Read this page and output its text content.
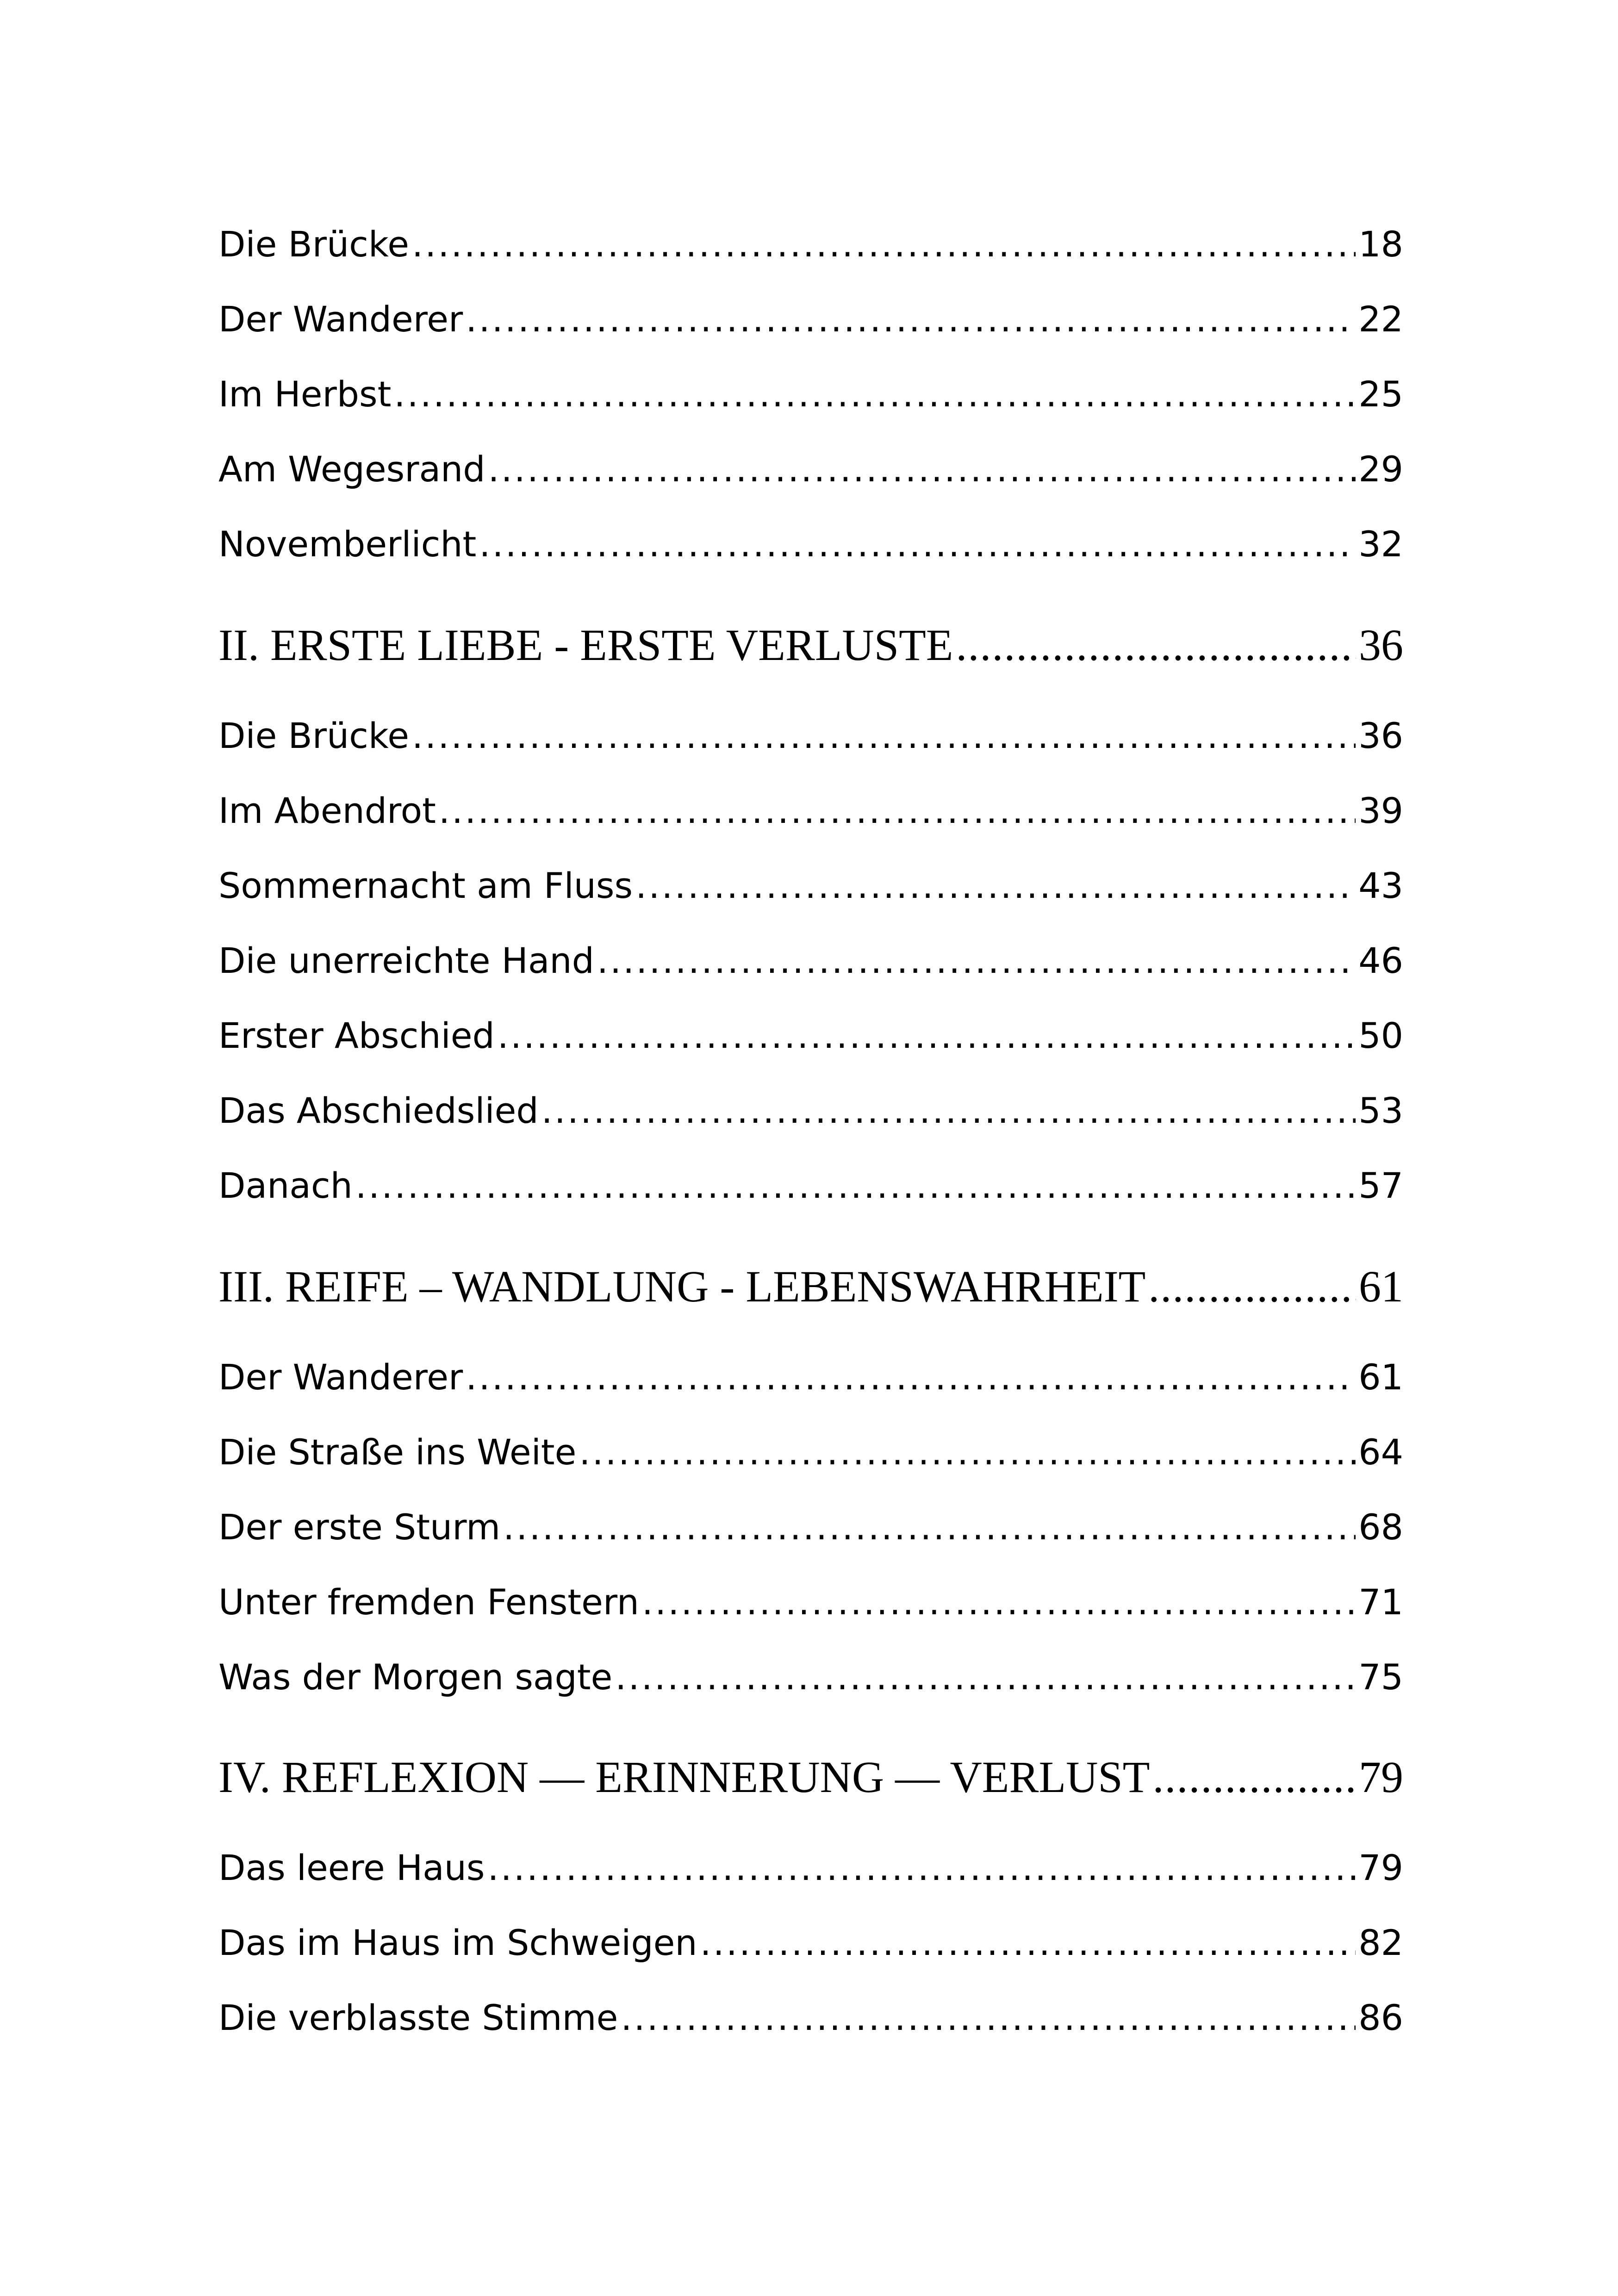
Die Brücke .....	18
Der Wanderer .....	22
Im Herbst .....	25
Am Wegesrand .....	29
Novemberlicht .....	32
II. ERSTE LIEBE - ERSTE VERLUSTE .....	36
Die Brücke .....	36
Im Abendrot .....	39
Sommernacht am Fluss .....	43
Die unerreichte Hand .....	46
Erster Abschied .....	50
Das Abschiedslied .....	53
Danach .....	57
III. REIFE – WANDLUNG - LEBENSWAHRHEIT .....	61
Der Wanderer .....	61
Die Straße ins Weite .....	64
Der erste Sturm .....	68
Unter fremden Fenstern .....	71
Was der Morgen sagte .....	75
IV. REFLEXION — ERINNERUNG — VERLUST .....	79
Das leere Haus .....	79
Das im Haus im Schweigen .....	82
Die verblasste Stimme .....	86
